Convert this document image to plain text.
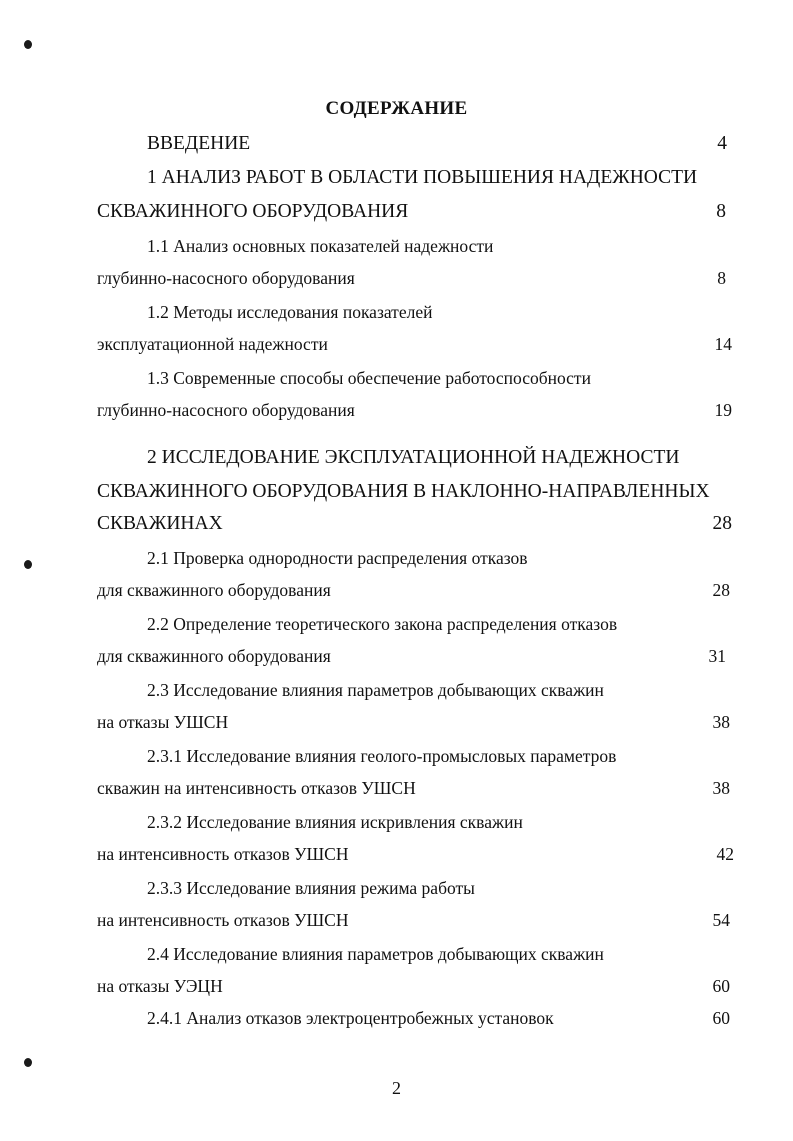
СОДЕРЖАНИЕ
ВВЕДЕНИЕ	4
1 АНАЛИЗ РАБОТ В ОБЛАСТИ ПОВЫШЕНИЯ НАДЕЖНОСТИ
СКВАЖИННОГО ОБОРУДОВАНИЯ	8
1.1 Анализ основных показателей надежности
глубинно-насосного оборудования	8
1.2 Методы исследования показателей
эксплуатационной надежности	14
1.3 Современные способы обеспечение работоспособности
глубинно-насосного оборудования	19
2 ИССЛЕДОВАНИЕ ЭКСПЛУАТАЦИОННОЙ НАДЕЖНОСТИ
СКВАЖИННОГО ОБОРУДОВАНИЯ В НАКЛОННО-НАПРАВЛЕННЫХ
СКВАЖИНАХ	28
2.1 Проверка однородности распределения отказов
для скважинного оборудования	28
2.2 Определение теоретического закона распределения отказов
для скважинного оборудования	31
2.3 Исследование влияния параметров добывающих скважин
на отказы УШСН	38
2.3.1 Исследование влияния геолого-промысловых параметров
скважин на интенсивность отказов УШСН	38
2.3.2 Исследование влияния искривления скважин
на интенсивность отказов УШСН	42
2.3.3 Исследование влияния режима работы
на интенсивность отказов УШСН	54
2.4 Исследование влияния параметров добывающих скважин
на отказы УЭЦН	60
2.4.1 Анализ отказов электроцентробежных установок	60
2
